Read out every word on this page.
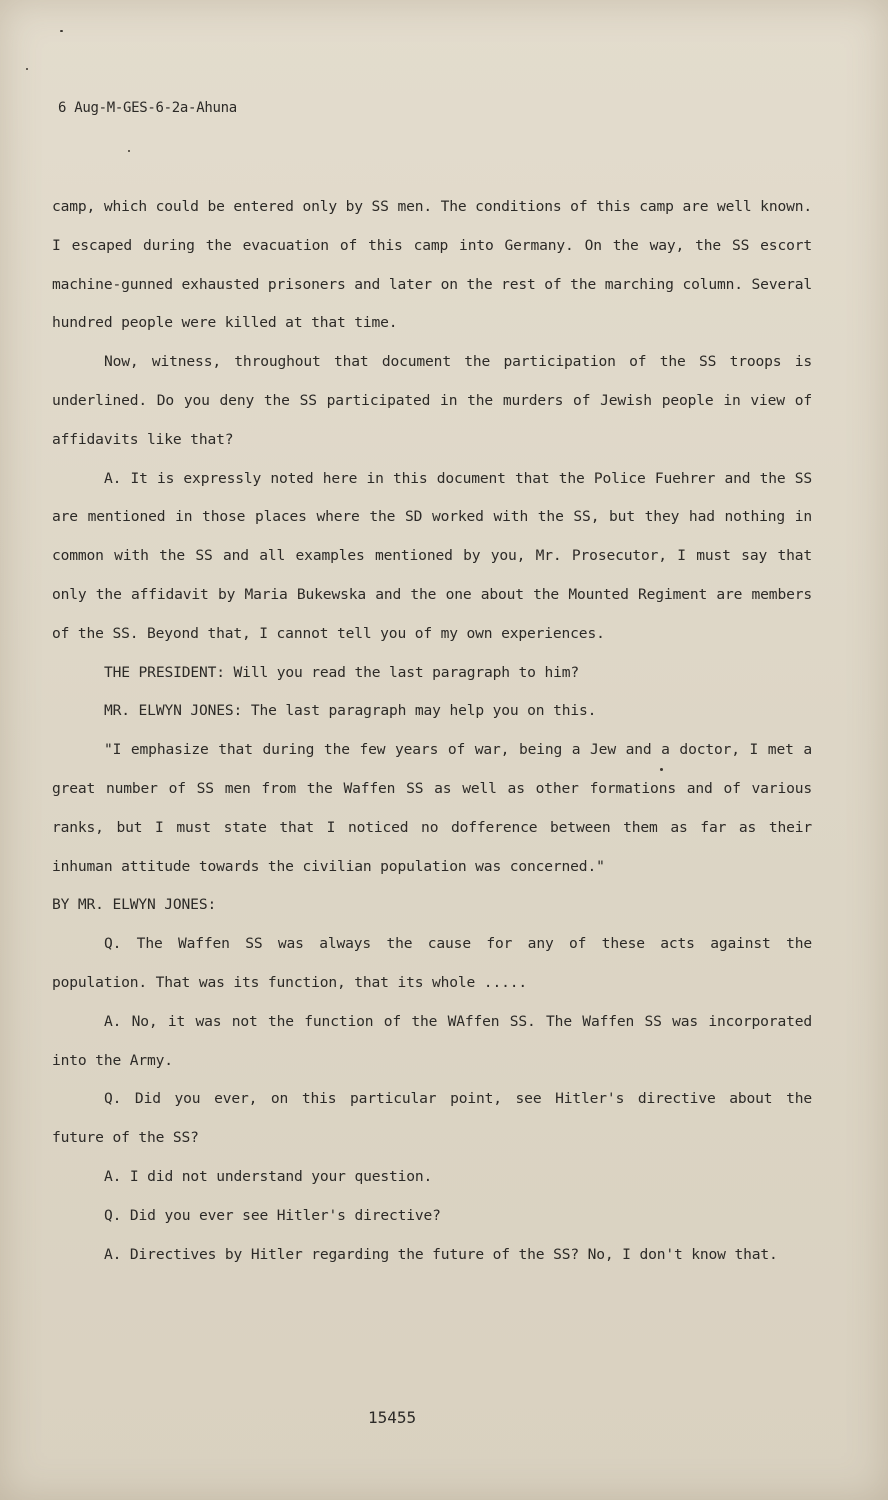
6 Aug-M-GES-6-2a-Ahuna

camp, which could be entered only by SS men. The conditions of this camp are well known. I escaped during the evacuation of this camp into Germany. On the way, the SS escort machine-gunned exhausted prisoners and later on the rest of the marching column. Several hundred people were killed at that time.

Now, witness, throughout that document the participation of the SS troops is underlined. Do you deny the SS participated in the murders of Jewish people in view of affidavits like that?

A. It is expressly noted here in this document that the Police Fuehrer and the SS are mentioned in those places where the SD worked with the SS, but they had nothing in common with the SS and all examples mentioned by you, Mr. Prosecutor, I must say that only the affidavit by Maria Bukewska and the one about the Mounted Regiment are members of the SS. Beyond that, I cannot tell you of my own experiences.

THE PRESIDENT: Will you read the last paragraph to him?

MR. ELWYN JONES: The last paragraph may help you on this.

"I emphasize that during the few years of war, being a Jew and a doctor, I met a great number of SS men from the Waffen SS as well as other formations and of various ranks, but I must state that I noticed no dofference between them as far as their inhuman attitude towards the civilian population was concerned."

BY MR. ELWYN JONES:

Q. The Waffen SS was always the cause for any of these acts against the population. That was its function, that its whole .....

A. No, it was not the function of the WAffen SS. The Waffen SS was incorporated into the Army.

Q. Did you ever, on this particular point, see Hitler's directive about the future of the SS?

A. I did not understand your question.

Q. Did you ever see Hitler's directive?

A. Directives by Hitler regarding the future of the SS? No, I don't know that.

15455
